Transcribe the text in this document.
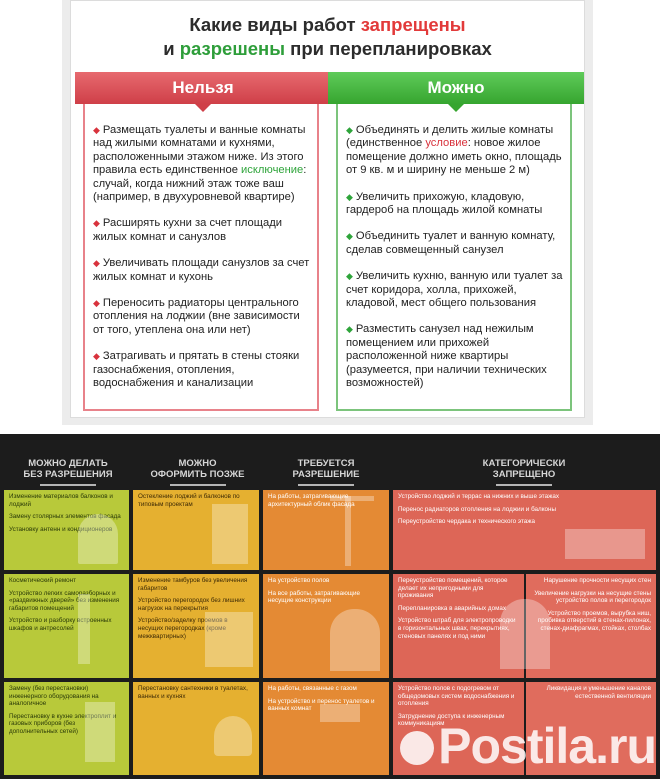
Какие виды работ запрещены
и разрешены при перепланировках
Нельзя
◆ Размещать туалеты и ванные комнаты над жилыми комнатами и кухнями, расположенными этажом ниже. Из этого правила есть единственное исключение: случай, когда нижний этаж тоже ваш (например, в двухуровневой квартире)
◆ Расширять кухни за счет площади жилых комнат и санузлов
◆ Увеличивать площади санузлов за счет жилых комнат и кухонь
◆ Переносить радиаторы центрального отопления на лоджии (вне зависимости от того, утеплена она или нет)
◆ Затрагивать и прятать в стены стояки газоснабжения, отопления, водоснабжения и канализации
Можно
◆ Объединять и делить жилые комнаты (единственное условие: новое жилое помещение должно иметь окно, площадь от 9 кв. м и ширину не меньше 2 м)
◆ Увеличить прихожую, кладовую, гардероб на площадь жилой комнаты
◆ Объединить туалет и ванную комнату, сделав совмещенный санузел
◆ Увеличить кухню, ванную или туалет за счет коридора, холла, прихожей, кладовой, мест общего пользования
◆ Разместить санузел над нежилым помещением или прихожей расположенной ниже квартиры (разумеется, при наличии технических возможностей)
МОЖНО ДЕЛАТЬ
БЕЗ РАЗРЕШЕНИЯ
МОЖНО
ОФОРМИТЬ ПОЗЖЕ
ТРЕБУЕТСЯ
РАЗРЕШЕНИЕ
КАТЕГОРИЧЕСКИ
ЗАПРЕЩЕНО

Изменение материалов балконов и лоджий

Замену столярных элементов фасада

Установку антенн и кондиционеров

Остекление лоджий и балконов по типовым проектам

На работы, затрагивающие архитектурный облик фасада

Устройство лоджий и террас на нижних и выше этажах

Перенос радиаторов отопления на лоджии и балконы

Переустройство чердака и технического этажа

Косметический ремонт

Устройство легких саморазборных и «раздвижных дверей» без изменения габаритов помещений

Устройство и разборку встроенных шкафов и антресолей

Изменение тамбуров без увеличения габаритов

Устройство перегородок без лишних нагрузок на перекрытия

Устройство/заделку проемов в несущих перегородках (кроме межквартирных)

На устройство полов

На все работы, затрагивающие несущие конструкции

Переустройство помещений, которое делает их непригодными для проживания

Перепланировка в аварийных домах

Устройство штраб для электропроводки в горизонтальных швах, перекрытиях, стеновых панелях и под ними

Нарушение прочности несущих стен

Увеличение нагрузки на несущие стены устройство полов и перегородок

Устройство проемов, вырубка ниш, пробивка отверстий в стенах-пилонах, стенах-диафрагмах, стойках, столбах

Замену (без перестановки) инженерного оборудования на аналогичное

Перестановку в кухне электроплит и газовых приборов (без дополнительных сетей)

Перестановку сантехники в туалетах, ванных и кухнях

На работы, связанные с газом

На устройство и перенос туалетов и ванных комнат

Устройство полов с подогревом от общедомовых систем водоснабжения и отопления

Затруднение доступа к инженерным коммуникациям

Ликвидация и уменьшение каналов естественной вентиляции

Postila.ru
